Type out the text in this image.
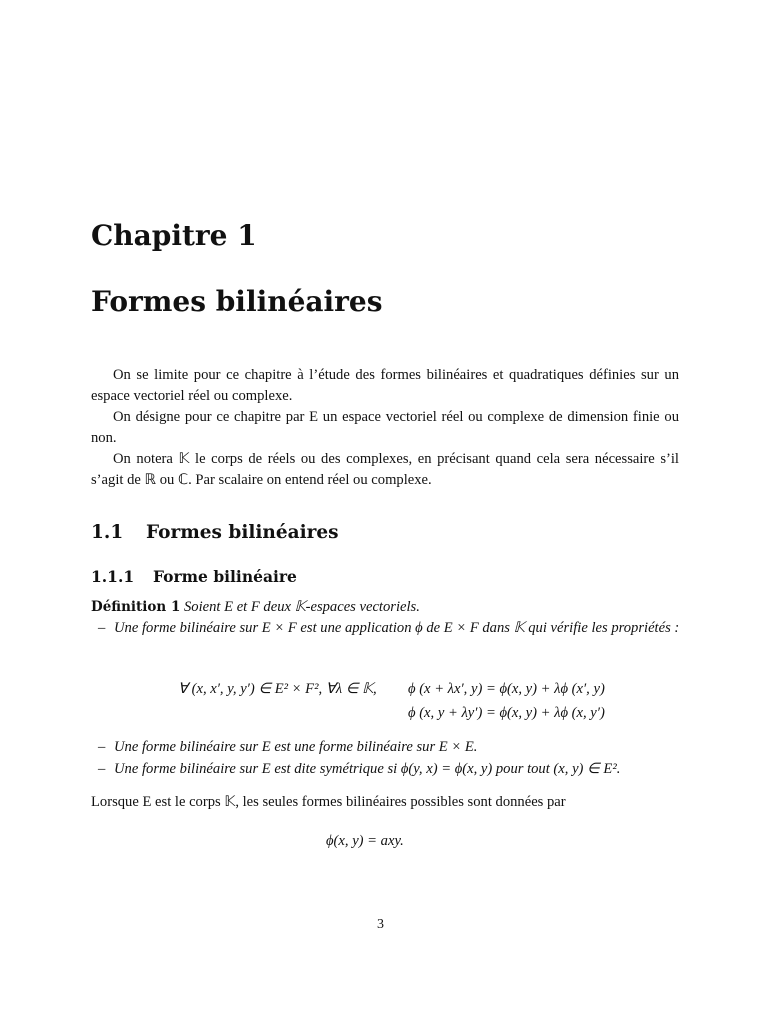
Chapitre 1
Formes bilinéaires

On se limite pour ce chapitre à l’étude des formes bilinéaires et quadratiques définies sur un espace vectoriel réel ou complexe.

On désigne pour ce chapitre par E un espace vectoriel réel ou complexe de dimension finie ou non.

On notera 𝕂 le corps de réels ou des complexes, en précisant quand cela sera nécessaire s’il s’agit de ℝ ou ℂ. Par scalaire on entend réel ou complexe.

1.1 Formes bilinéaires
1.1.1 Forme bilinéaire

Définition 1 Soient E et F deux 𝕂-espaces vectoriels.

– Une forme bilinéaire sur E × F est une application ϕ de E × F dans 𝕂 qui vérifie les propriétés :

∀ (x, x′, y, y′) ∈ E² × F², ∀λ ∈ 𝕂, ϕ (x + λx′, y) = ϕ(x, y) + λϕ (x′, y)
ϕ (x, y + λy′) = ϕ(x, y) + λϕ (x, y′)

– Une forme bilinéaire sur E est une forme bilinéaire sur E × E.

– Une forme bilinéaire sur E est dite symétrique si ϕ(y, x) = ϕ(x, y) pour tout (x, y) ∈ E².

Lorsque E est le corps 𝕂, les seules formes bilinéaires possibles sont données par

ϕ(x, y) = axy.

3
